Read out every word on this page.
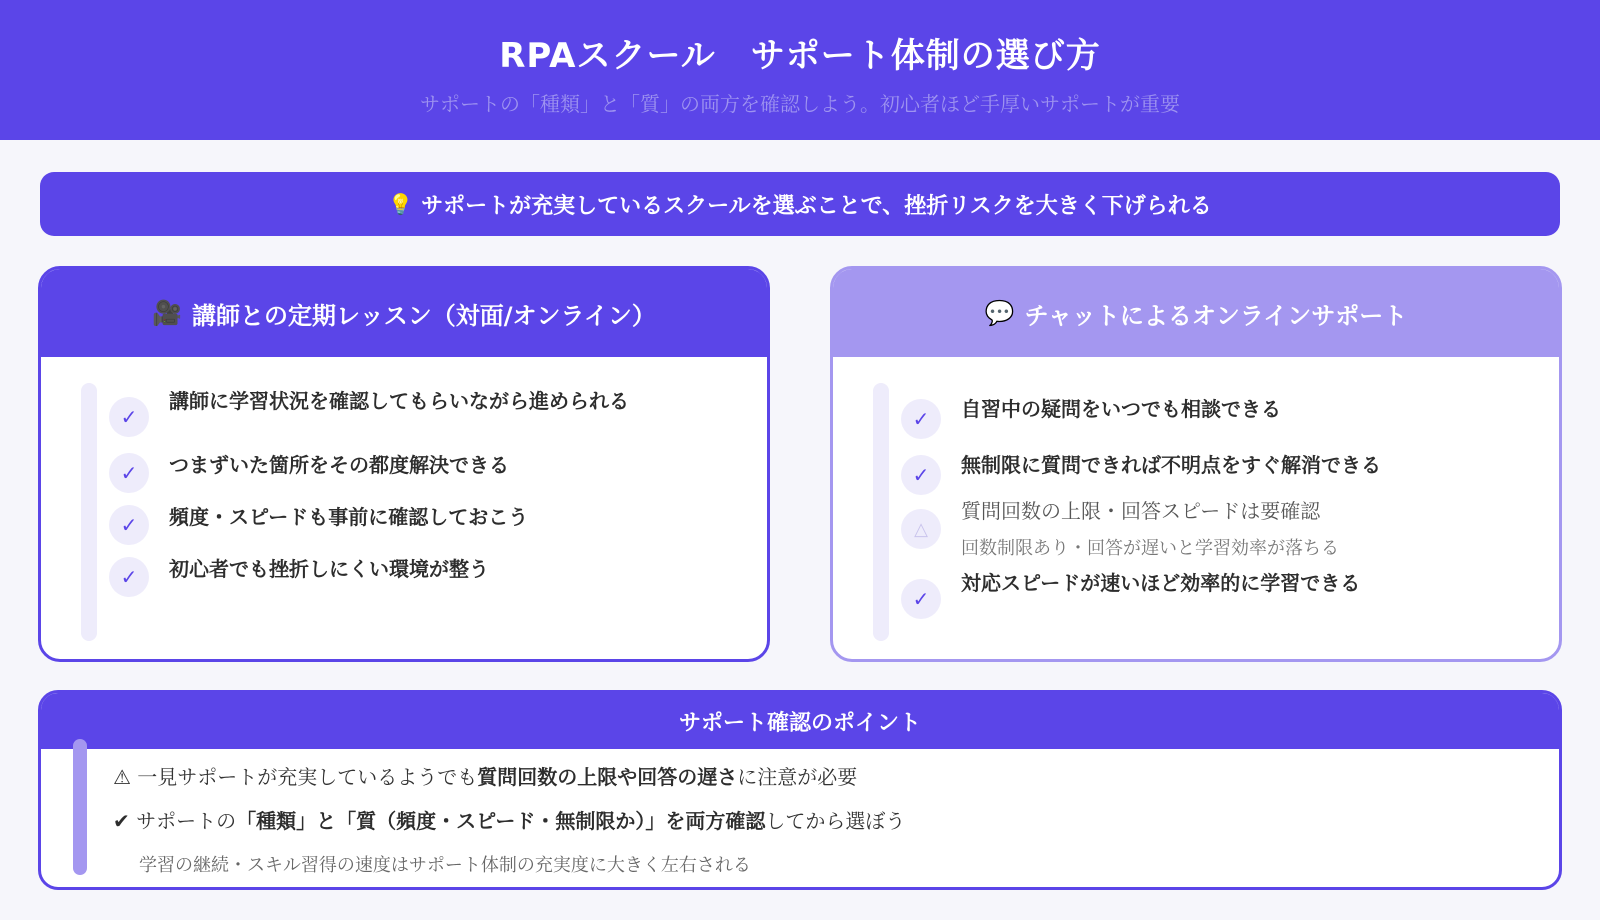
RPAスクール　サポート体制の選び方
サポートの「種類」と「質」の両方を確認しよう。初心者ほど手厚いサポートが重要
💡 サポートが充実しているスクールを選ぶことで、挫折リスクを大きく下げられる
🎥 講師との定期レッスン（対面/オンライン）
✓
講師に学習状況を確認してもらいながら進められる
✓	つまずいた箇所をその都度解決できる
✓	頻度・スピードも事前に確認しておこう
✓	初心者でも挫折しにくい環境が整う
💬 チャットによるオンラインサポート
✓	自習中の疑問をいつでも相談できる
✓	無制限に質問できれば不明点をすぐ解消できる
△
質問回数の上限・回答スピードは要確認
回数制限あり・回答が遅いと学習効率が落ちる
✓
対応スピードが速いほど効率的に学習できる
サポート確認のポイント
⚠ 一見サポートが充実しているようでも質問回数の上限や回答の遅さに注意が必要
✔ サポートの「種類」と「質（頻度・スピード・無制限か）」を両方確認してから選ぼう
学習の継続・スキル習得の速度はサポート体制の充実度に大きく左右される
